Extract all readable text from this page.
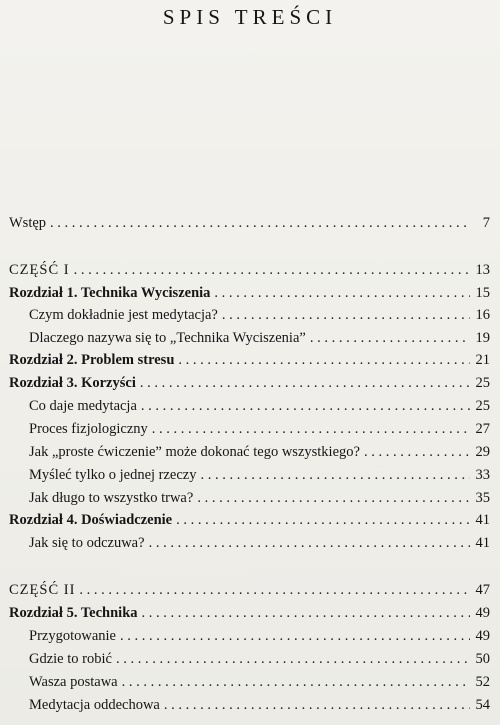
SPIS TREŚCI
Wstęp . . .	7
CZĘŚĆ I . . .	13
Rozdział 1. Technika Wyciszenia . . .	15
Czym dokładnie jest medytacja? . . .	16
Dlaczego nazywa się to „Technika Wyciszenia” . . .	19
Rozdział 2. Problem stresu . . .	21
Rozdział 3. Korzyści . . .	25
Co daje medytacja . . .	25
Proces fizjologiczny . . .	27
Jak „proste ćwiczenie” może dokonać tego wszystkiego? . . .	29
Myśleć tylko o jednej rzeczy . . .	33
Jak długo to wszystko trwa? . . .	35
Rozdział 4. Doświadczenie . . .	41
Jak się to odczuwa? . . .	41
CZĘŚĆ II . . .	47
Rozdział 5. Technika . . .	49
Przygotowanie . . .	49
Gdzie to robić . . .	50
Wasza postawa . . .	52
Medytacja oddechowa . . .	54
